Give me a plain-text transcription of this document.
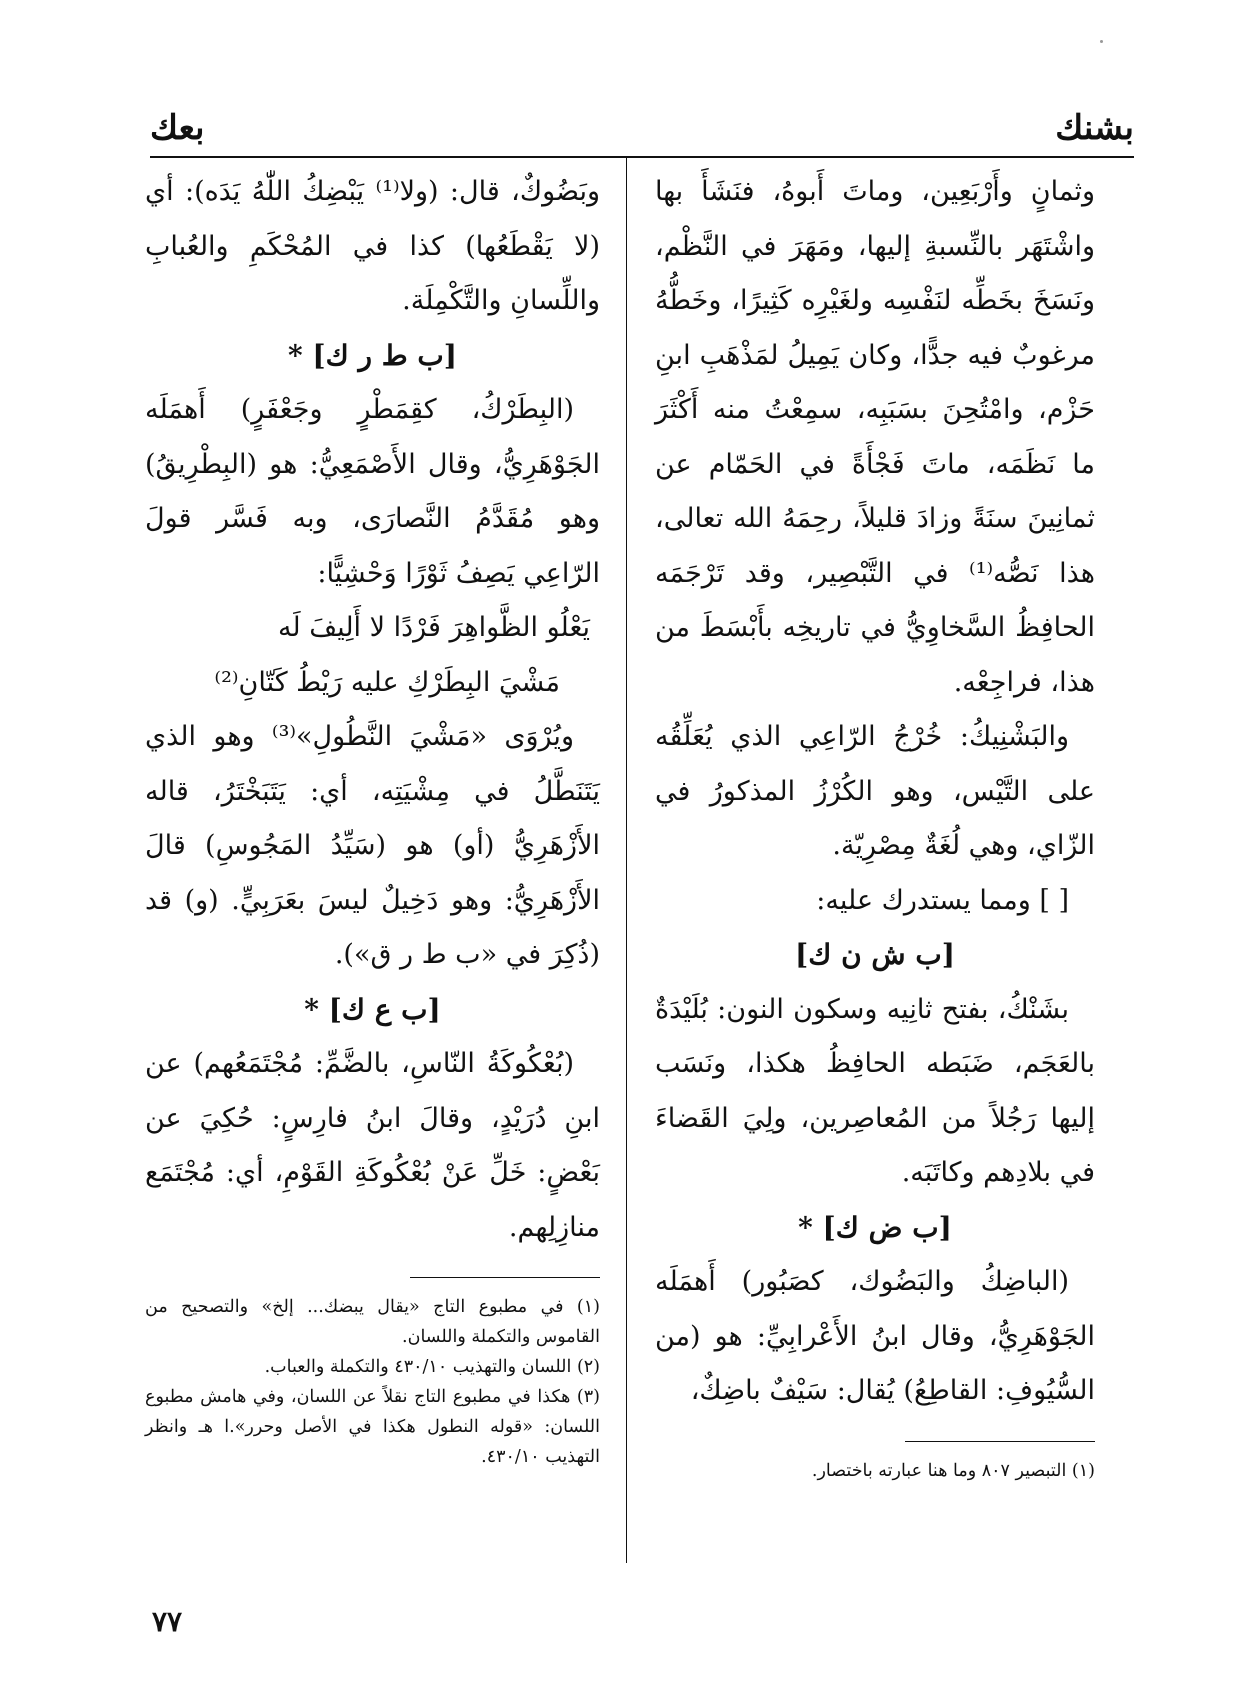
بشنك
بعك

وثمانٍ وأَرْبَعِين، وماتَ أَبوهُ، فنَشَأَ بها واشْتَهَر بالنِّسبةِ إليها، ومَهَرَ في النَّظْم، ونَسَخَ بخَطِّه لنَفْسِه ولغَيْرِه كَثِيرًا، وخَطُّهُ مرغوبٌ فيه جدًّا، وكان يَمِيلُ لمَذْهَبِ ابنِ حَزْم، وامْتُحِنَ بسَبَبِه، سمِعْتُ منه أَكْثَرَ ما نَظَمَه، ماتَ فَجْأَةً في الحَمّام عن ثمانِينَ سنَةً وزادَ قليلاً، رحِمَهُ الله تعالى، هذا نَصُّه⁽¹⁾ في التَّبْصِير، وقد تَرْجَمَه الحافِظُ السَّخاوِيُّ في تاريخِه بأَبْسَطَ من هذا، فراجِعْه.

والبَشْنِيكُ: خُرْجُ الرّاعِي الذي يُعَلِّقُه على التَّيْس، وهو الكُرْزُ المذكورُ في الزّاي، وهي لُغَةٌ مِصْرِيّة.

[ ] ومما يستدرك عليه:

[ب ش ن ك]

بشَنْكُ، بفتح ثانِيه وسكون النون: بُلَيْدَةٌ بالعَجَم، ضَبَطه الحافِظُ هكذا، ونَسَب إليها رَجُلاً من المُعاصِرين، ولِيَ القَضاءَ في بلادِهم وكاتَبَه.

[ب ض ك] *

(الباضِكُ والبَضُوك، كصَبُور) أَهمَلَه الجَوْهَرِيُّ، وقال ابنُ الأَعْرابِيِّ: هو (من السُّيُوفِ: القاطِعُ) يُقال: سَيْفٌ باضِكٌ،

(١) التبصير ٨٠٧ وما هنا عبارته باختصار.

وبَضُوكٌ، قال: (ولا⁽¹⁾ يَبْضِكُ اللّٰهُ يَدَه): أي (لا يَقْطَعُها) كذا في المُحْكَمِ والعُبابِ واللِّسانِ والتَّكْمِلَة.

[ب ط ر ك] *

(البِطَرْكُ، كقِمَطْرٍ وجَعْفَرٍ) أَهمَلَه الجَوْهَرِيُّ، وقال الأَصْمَعِيُّ: هو (البِطْرِيقُ) وهو مُقَدَّمُ النَّصارَى، وبه فَسَّر قولَ الرّاعِي يَصِفُ ثَوْرًا وَحْشِيًّا:

يَعْلُو الظَّواهِرَ فَرْدًا لا أَلِيفَ لَه

مَشْيَ البِطَرْكِ عليه رَيْطُ كَتّانِ⁽²⁾

ويُرْوَى «مَشْيَ النَّطُولِ»⁽³⁾ وهو الذي يَتَنَطَّلُ في مِشْيَتِه، أي: يَتَبَخْتَرُ، قاله الأَزْهَرِيُّ (أو) هو (سَيِّدُ المَجُوسِ) قالَ الأَزْهَرِيُّ: وهو دَخِيلٌ ليسَ بعَرَبِيٍّ. (و) قد (ذُكِرَ في «ب ط ر ق»).

[ب ع ك] *

(بُعْكُوكَةُ النّاسِ، بالضَّمِّ: مُجْتَمَعُهم) عن ابنِ دُرَيْدٍ، وقالَ ابنُ فارِسٍ: حُكِيَ عن بَعْضٍ: خَلِّ عَنْ بُعْكُوكَةِ القَوْمِ، أي: مُجْتَمَع منازِلِهم.

(١) في مطبوع التاج «يقال يبضك... إلخ» والتصحيح من القاموس والتكملة واللسان.

(٢) اللسان والتهذيب ٤٣٠/١٠ والتكملة والعباب.

(٣) هكذا في مطبوع التاج نقلاً عن اللسان، وفي هامش مطبوع اللسان: «قوله النطول هكذا في الأصل وحرر».ا هـ وانظر التهذيب ٤٣٠/١٠.

٧٧
